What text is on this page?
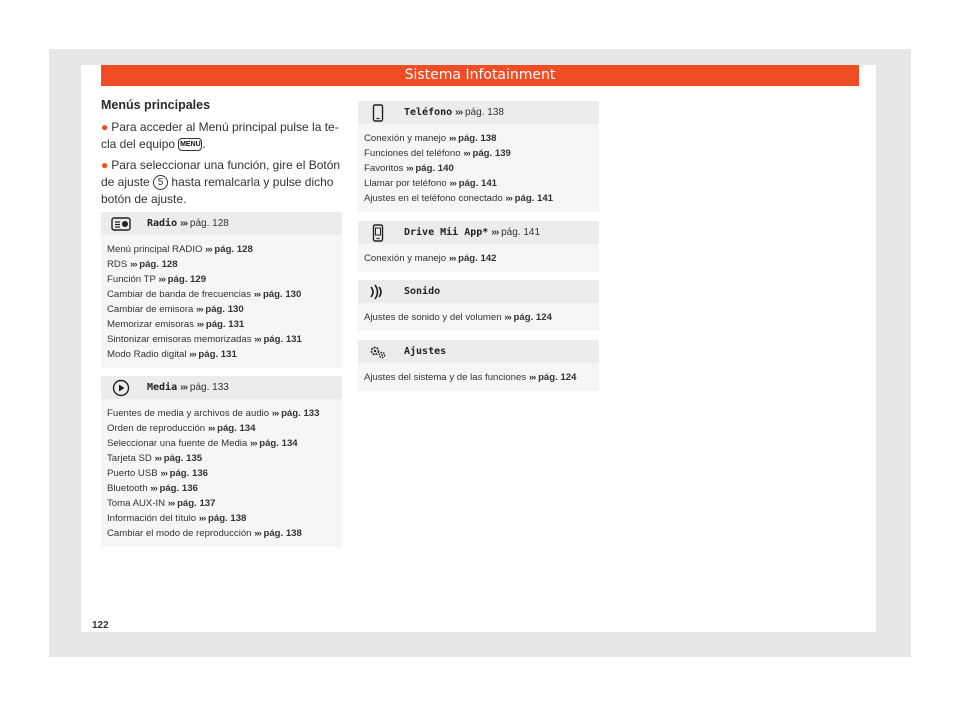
Sistema Infotainment
Menús principales
● Para acceder al Menú principal pulse la te-cla del equipo MENU .
● Para seleccionar una función, gire el Botón de ajuste 5 hasta remalcarla y pulse dicho botón de ajuste.
Radio ››› pág. 128
Menú principal RADIO ››› pág. 128
RDS ››› pág. 128
Función TP ››› pág. 129
Cambiar de banda de frecuencias ››› pág. 130
Cambiar de emisora ››› pág. 130
Memorizar emisoras ››› pág. 131
Sintonizar emisoras memorizadas ››› pág. 131
Modo Radio digital ››› pág. 131
Media ››› pág. 133
Fuentes de media y archivos de audio ››› pág. 133
Orden de reproducción ››› pág. 134
Seleccionar una fuente de Media ››› pág. 134
Tarjeta SD ››› pág. 135
Puerto USB ››› pág. 136
Bluetooth ››› pág. 136
Toma AUX-IN ››› pág. 137
Información del título ››› pág. 138
Cambiar el modo de reproducción ››› pág. 138
Teléfono ››› pág. 138
Conexión y manejo ››› pág. 138
Funciones del teléfono ››› pág. 139
Favoritos ››› pág. 140
Llamar por teléfono ››› pág. 141
Ajustes en el teléfono conectado ››› pág. 141
Drive Mii App* ››› pág. 141
Conexión y manejo ››› pág. 142
Sonido
Ajustes de sonido y del volumen ››› pág. 124
Ajustes
Ajustes del sistema y de las funciones ››› pág. 124
122
